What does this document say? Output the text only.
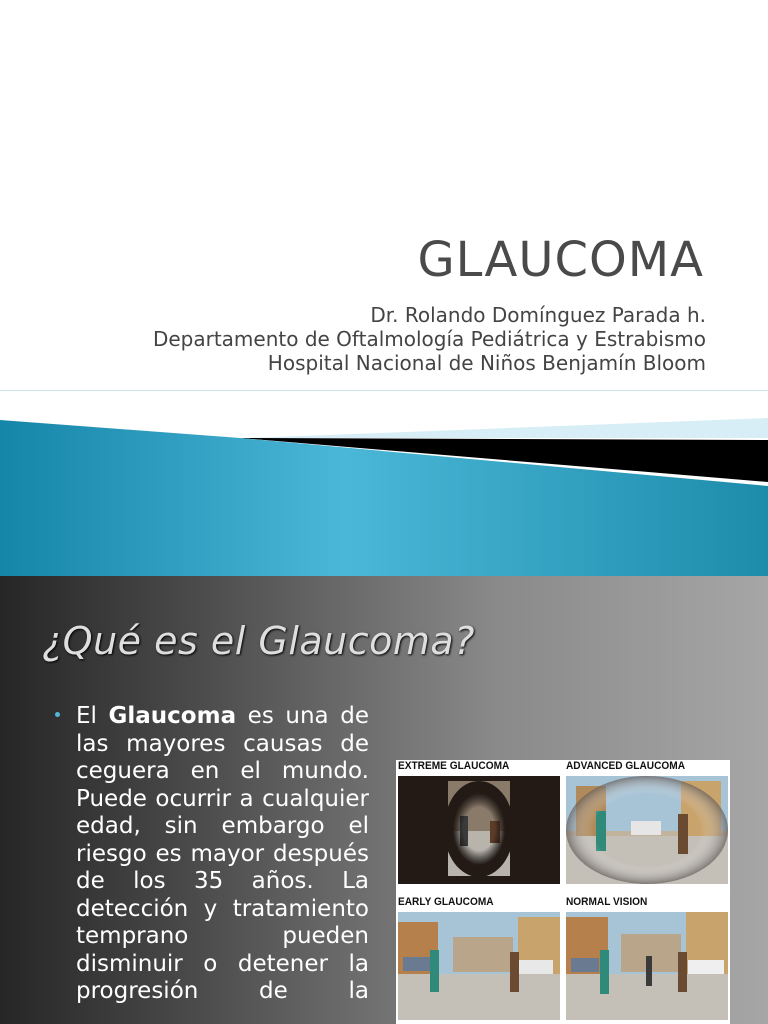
GLAUCOMA
Dr. Rolando Domínguez Parada h.
Departamento de Oftalmología Pediátrica y Estrabismo
Hospital Nacional de Niños Benjamín Bloom
¿Qué es el Glaucoma?
El Glaucoma es una de las mayores causas de ceguera en el mundo. Puede ocurrir a cualquier edad, sin embargo el riesgo es mayor después de los 35 años. La detección y tratamiento temprano pueden disminuir o detener la progresión de la
EXTREME GLAUCOMA	ADVANCED GLAUCOMA
EARLY GLAUCOMA	NORMAL VISION
